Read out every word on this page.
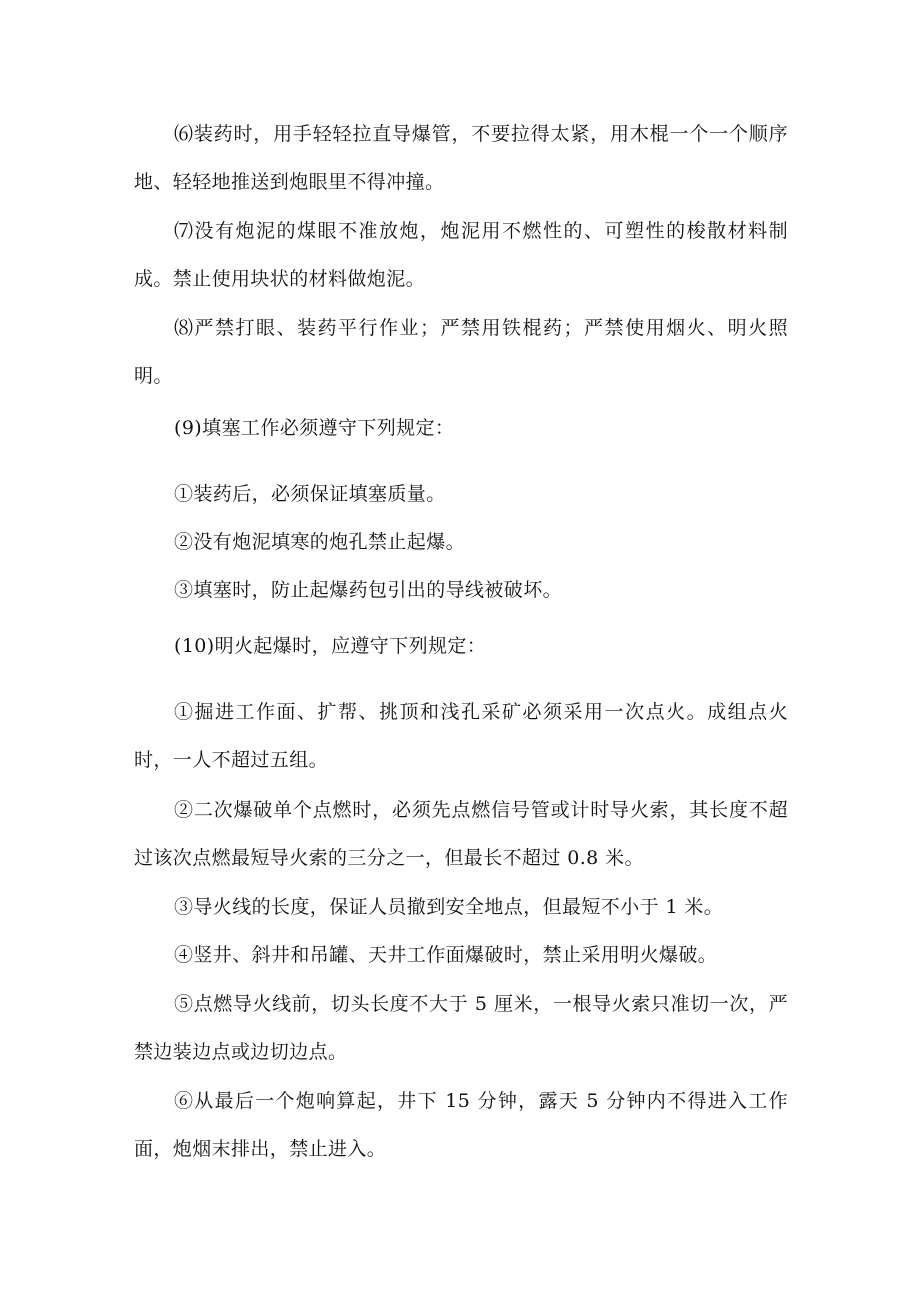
⑹装药时，用手轻轻拉直导爆管，不要拉得太紧，用木棍一个一个顺序地、轻轻地推送到炮眼里不得冲撞。

⑺没有炮泥的煤眼不准放炮，炮泥用不燃性的、可塑性的梭散材料制成。禁止使用块状的材料做炮泥。

⑻严禁打眼、装药平行作业；严禁用铁棍药；严禁使用烟火、明火照明。

(9)填塞工作必须遵守下列规定：

①装药后，必须保证填塞质量。

②没有炮泥填寒的炮孔禁止起爆。

③填塞时，防止起爆药包引出的导线被破坏。

(10)明火起爆时，应遵守下列规定：

①掘进工作面、扩帮、挑顶和浅孔采矿必须采用一次点火。成组点火时，一人不超过五组。

②二次爆破单个点燃时，必须先点燃信号管或计时导火索，其长度不超过该次点燃最短导火索的三分之一，但最长不超过 0.8 米。

③导火线的长度，保证人员撤到安全地点，但最短不小于 1 米。

④竖井、斜井和吊罐、天井工作面爆破时，禁止采用明火爆破。

⑤点燃导火线前，切头长度不大于 5 厘米，一根导火索只准切一次，严禁边装边点或边切边点。

⑥从最后一个炮响算起，井下 15 分钟，露天 5 分钟内不得进入工作面，炮烟末排出，禁止进入。
